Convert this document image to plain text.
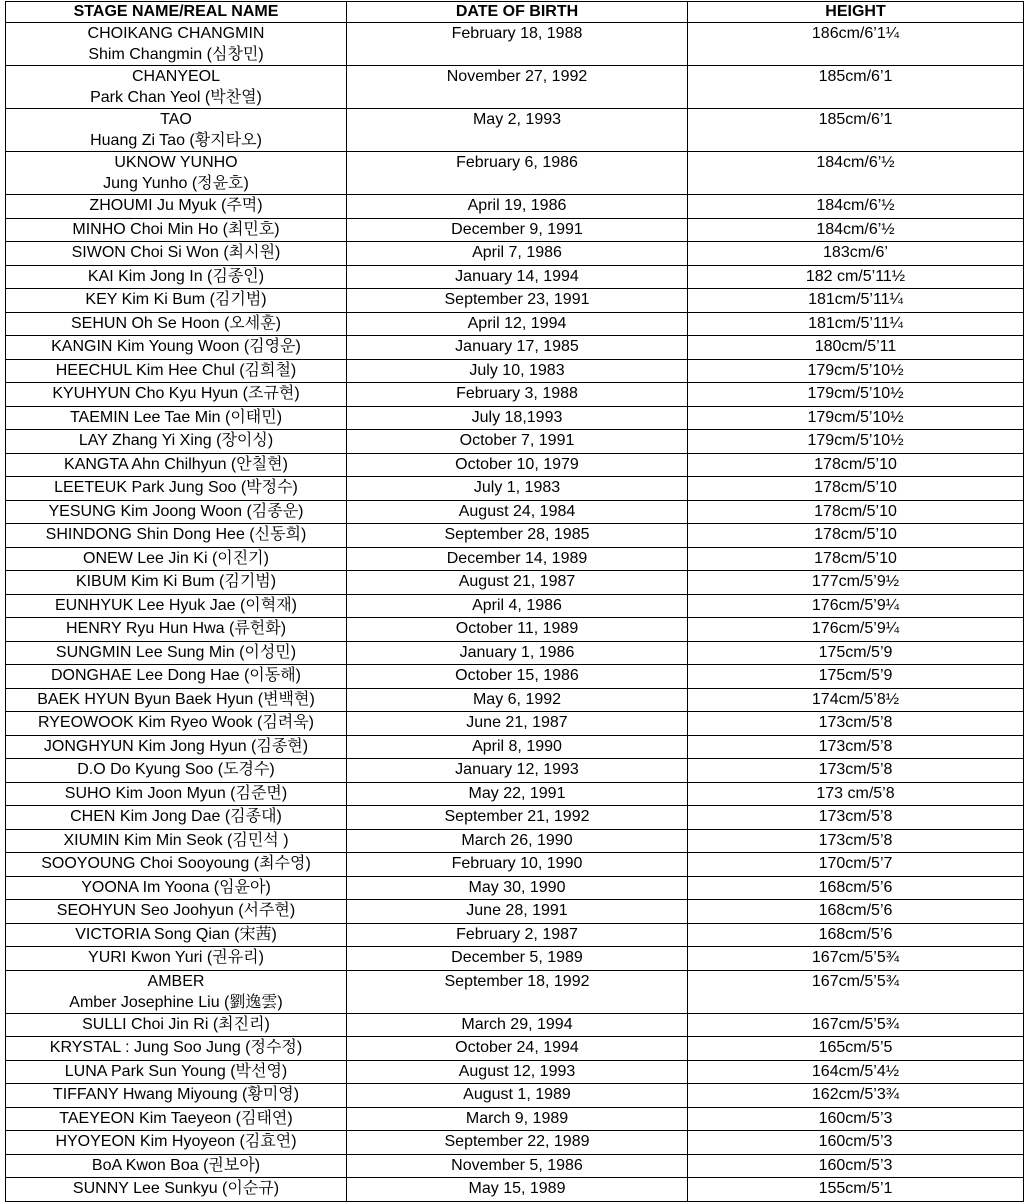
STAGE NAME/REAL NAME	DATE OF BIRTH	HEIGHT

CHOIKANG CHANGMIN
Shim Changmin (심창민)	February 18, 1988	186cm/6’1¼

CHANYEOL
Park Chan Yeol (박찬열)	November 27, 1992	185cm/6’1

TAO
Huang Zi Tao (황지타오)	May 2, 1993	185cm/6’1

UKNOW YUNHO
Jung Yunho (정윤호)	February 6, 1986	184cm/6’½

ZHOUMI Ju Myuk (주멱)	April 19, 1986	184cm/6’½

MINHO Choi Min Ho (최민호)	December 9, 1991	184cm/6’½

SIWON Choi Si Won (최시원)	April 7, 1986	183cm/6’

KAI Kim Jong In (김종인)	January 14, 1994	182 cm/5’11½

KEY Kim Ki Bum (김기범)	September 23, 1991	181cm/5’11¼

SEHUN Oh Se Hoon (오세훈)	April 12, 1994	181cm/5’11¼

KANGIN Kim Young Woon (김영운)	January 17, 1985	180cm/5’11

HEECHUL Kim Hee Chul (김희철)	July 10, 1983	179cm/5’10½

KYUHYUN Cho Kyu Hyun (조규현)	February 3, 1988	179cm/5’10½

TAEMIN Lee Tae Min (이태민)	July 18,1993	179cm/5’10½

LAY Zhang Yi Xing (장이싱)	October 7, 1991	179cm/5’10½

KANGTA Ahn Chilhyun (안칠현)	October 10, 1979	178cm/5’10

LEETEUK Park Jung Soo (박정수)	July 1, 1983	178cm/5’10

YESUNG Kim Joong Woon (김종운)	August 24, 1984	178cm/5’10

SHINDONG Shin Dong Hee (신동희)	September 28, 1985	178cm/5’10

ONEW Lee Jin Ki (이진기)	December 14, 1989	178cm/5’10

KIBUM Kim Ki Bum (김기범)	August 21, 1987	177cm/5’9½

EUNHYUK Lee Hyuk Jae (이혁재)	April 4, 1986	176cm/5’9¼

HENRY Ryu Hun Hwa (류헌화)	October 11, 1989	176cm/5’9¼

SUNGMIN Lee Sung Min (이성민)	January 1, 1986	175cm/5’9

DONGHAE Lee Dong Hae (이동해)	October 15, 1986	175cm/5’9

BAEK HYUN Byun Baek Hyun (변백현)	May 6, 1992	174cm/5’8½

RYEOWOOK Kim Ryeo Wook (김려욱)	June 21, 1987	173cm/5’8

JONGHYUN Kim Jong Hyun (김종현)	April 8, 1990	173cm/5’8

D.O Do Kyung Soo (도경수)	January 12, 1993	173cm/5’8

SUHO Kim Joon Myun (김준면)	May 22, 1991	173 cm/5’8

CHEN Kim Jong Dae (김종대)	September 21, 1992	173cm/5’8

XIUMIN Kim Min Seok (김민석 )	March 26, 1990	173cm/5’8

SOOYOUNG Choi Sooyoung (최수영)	February 10, 1990	170cm/5’7

YOONA Im Yoona (임윤아)	May 30, 1990	168cm/5’6

SEOHYUN Seo Joohyun (서주현)	June 28, 1991	168cm/5’6

VICTORIA Song Qian (宋茜)	February 2, 1987	168cm/5’6

YURI Kwon Yuri (권유리)	December 5, 1989	167cm/5’5¾

AMBER
Amber Josephine Liu (劉逸雲)	September 18, 1992	167cm/5’5¾

SULLI Choi Jin Ri (최진리)	March 29, 1994	167cm/5’5¾

KRYSTAL : Jung Soo Jung (정수정)	October 24, 1994	165cm/5’5

LUNA Park Sun Young (박선영)	August 12, 1993	164cm/5’4½

TIFFANY Hwang Miyoung (황미영)	August 1, 1989	162cm/5’3¾

TAEYEON Kim Taeyeon (김태연)	March 9, 1989	160cm/5’3

HYOYEON Kim Hyoyeon (김효연)	September 22, 1989	160cm/5’3

BoA Kwon Boa (권보아)	November 5, 1986	160cm/5’3

SUNNY Lee Sunkyu (이순규)	May 15, 1989	155cm/5’1
